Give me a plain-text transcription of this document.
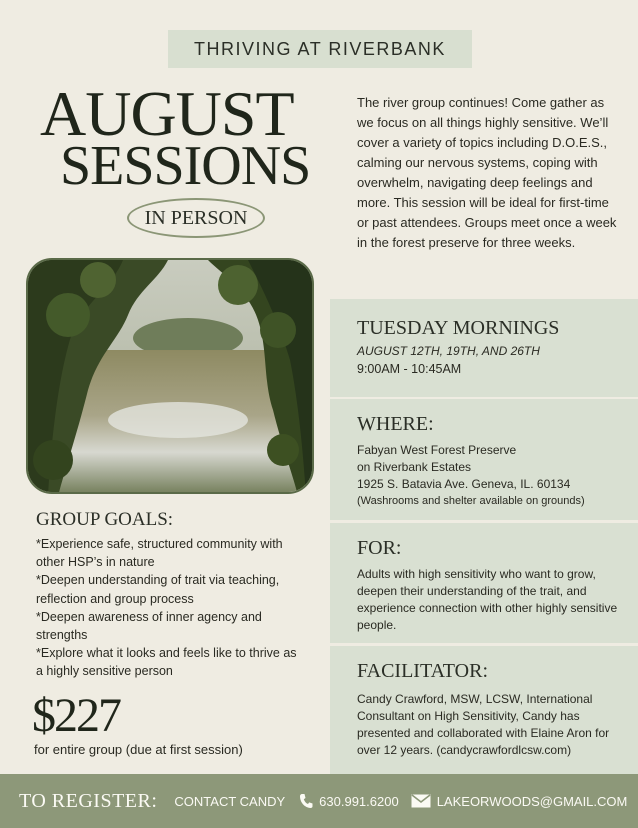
THRIVING AT RIVERBANK
AUGUST
SESSIONS
IN PERSON
The river group continues! Come gather as we focus on all things highly sensitive. We’ll cover a variety of topics including D.O.E.S., calming our nervous systems, coping with overwhelm, navigating deep feelings and more. This session will be ideal for first-time or past attendees. Groups meet once a week in the forest preserve for three weeks.
GROUP GOALS:

*Experience safe, structured community with other HSP’s in nature

*Deepen understanding of trait via teaching, reflection and group process

*Deepen awareness of inner agency and strengths

*Explore what it looks and feels like to thrive as a highly sensitive person

$227
for entire group (due at first session)
TUESDAY MORNINGS
AUGUST 12TH, 19TH, AND 26TH
9:00AM - 10:45AM
WHERE:
Fabyan West Forest Preserve
on Riverbank Estates
1925 S. Batavia Ave. Geneva, IL. 60134
(Washrooms and shelter available on grounds)
FOR:
Adults with high sensitivity who want to grow, deepen their understanding of the trait, and experience connection with other highly sensitive people.
FACILITATOR:
Candy Crawford, MSW, LCSW, International Consultant on High Sensitivity, Candy has presented and collaborated with Elaine Aron for over 12 years. (candycrawfordlcsw.com)
TO REGISTER: CONTACT CANDY	630.991.6200	LAKEORWOODS@GMAIL.COM
